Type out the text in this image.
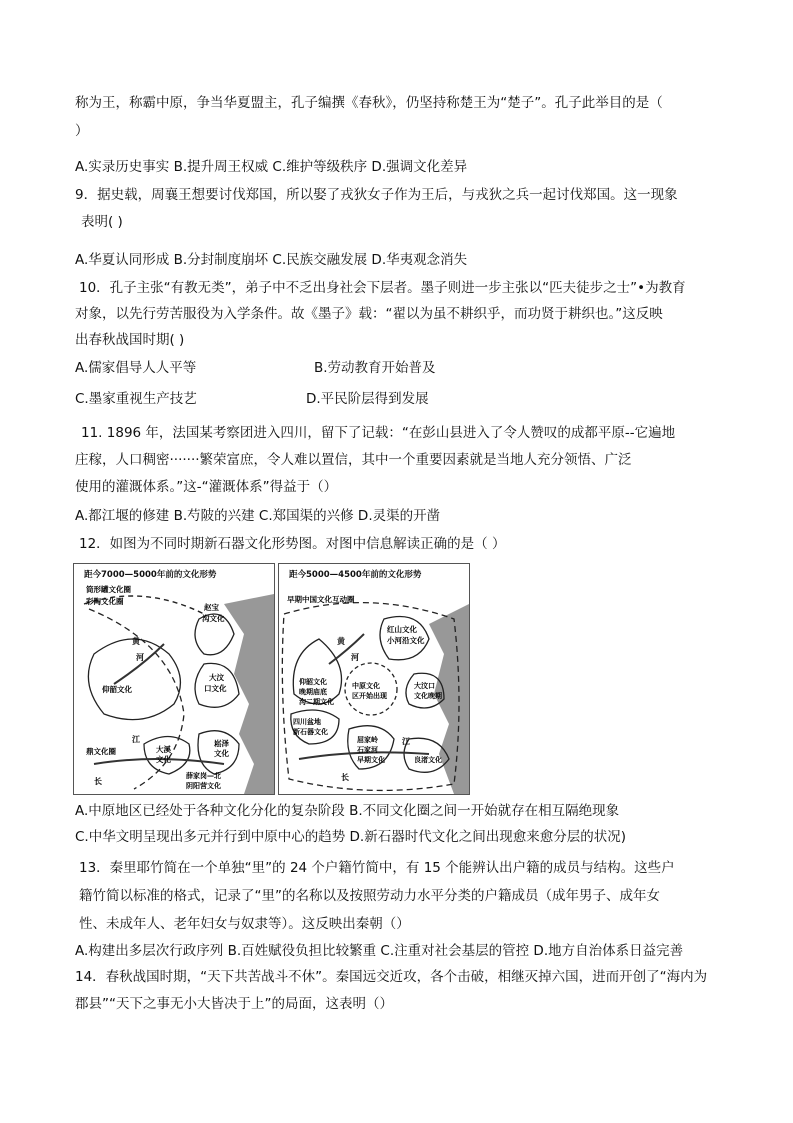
称为王，称霸中原，争当华夏盟主，孔子编撰《春秋》，仍坚持称楚王为“楚子”。孔子此举目的是（
）
A.实录历史事实 B.提升周王权威 C.维护等级秩序 D.强调文化差异
9．据史载，周襄王想要讨伐郑国，所以娶了戎狄女子作为王后，与戎狄之兵一起讨伐郑国。这一现象
表明( )
A.华夏认同形成 B.分封制度崩坏 C.民族交融发展 D.华夷观念消失
10．孔子主张“有教无类”，弟子中不乏出身社会下层者。墨子则进一步主张以“匹夫徒步之士”•为教育
对象，以先行劳苦服役为入学条件。故《墨子》载：“翟以为虽不耕织乎，而功贤于耕织也。”这反映
出春秋战国时期( )
A.儒家倡导人人平等	B.劳动教育开始普及
C.墨家重视生产技艺	D.平民阶层得到发展
11. 1896 年，法国某考察团进入四川，留下了记载：“在彭山县进入了令人赞叹的成都平原--它遍地
庄稼，人口稠密·······繁荣富庶，令人难以置信，其中一个重要因素就是当地人充分领悟、广泛
使用的灌溉体系。”这-“灌溉体系”得益于（）
A.都江堰的修建 B.芍陂的兴建 C.郑国渠的兴修 D.灵渠的开凿
12．如图为不同时期新石器文化形势图。对图中信息解读正确的是（ ）
距今7000—5000年前的文化形势
筒形罐文化圈
彩陶文化圈
赵宝
沟文化
黄
河
仰韶文化
大汶
口文化
江
大溪
文化
崧泽
文化
鼎文化圈
长
薛家岗—北
阴阳营文化
距今5000—4500年前的文化形势
早期中国文化互动圈
红山文化
小河沿文化
黄
河
仰韶文化
晚期庙底
沟二期文化
中原文化
区开始出现
大汶口
文化晚期
四川盆地
新石器文化
屈家岭
石家河
早期文化
江
良渚文化
长
A.中原地区已经处于各种文化分化的复杂阶段 B.不同文化圈之间一开始就存在相互隔绝现象
C.中华文明呈现出多元并行到中原中心的趋势 D.新石器时代文化之间出现愈来愈分层的状况)
13．秦里耶竹简在一个单独“里”的 24 个户籍竹简中，有 15 个能辨认出户籍的成员与结构。这些户
籍竹简以标准的格式，记录了“里”的名称以及按照劳动力水平分类的户籍成员（成年男子、成年女
性、未成年人、老年妇女与奴隶等）。这反映出秦朝（）
A.构建出多层次行政序列 B.百姓赋役负担比较繁重 C.注重对社会基层的管控 D.地方自治体系日益完善
14．春秋战国时期，“天下共苦战斗不休”。秦国远交近攻，各个击破，相继灭掉六国，进而开创了“海内为
郡县”“天下之事无小大皆决于上”的局面，这表明（）
